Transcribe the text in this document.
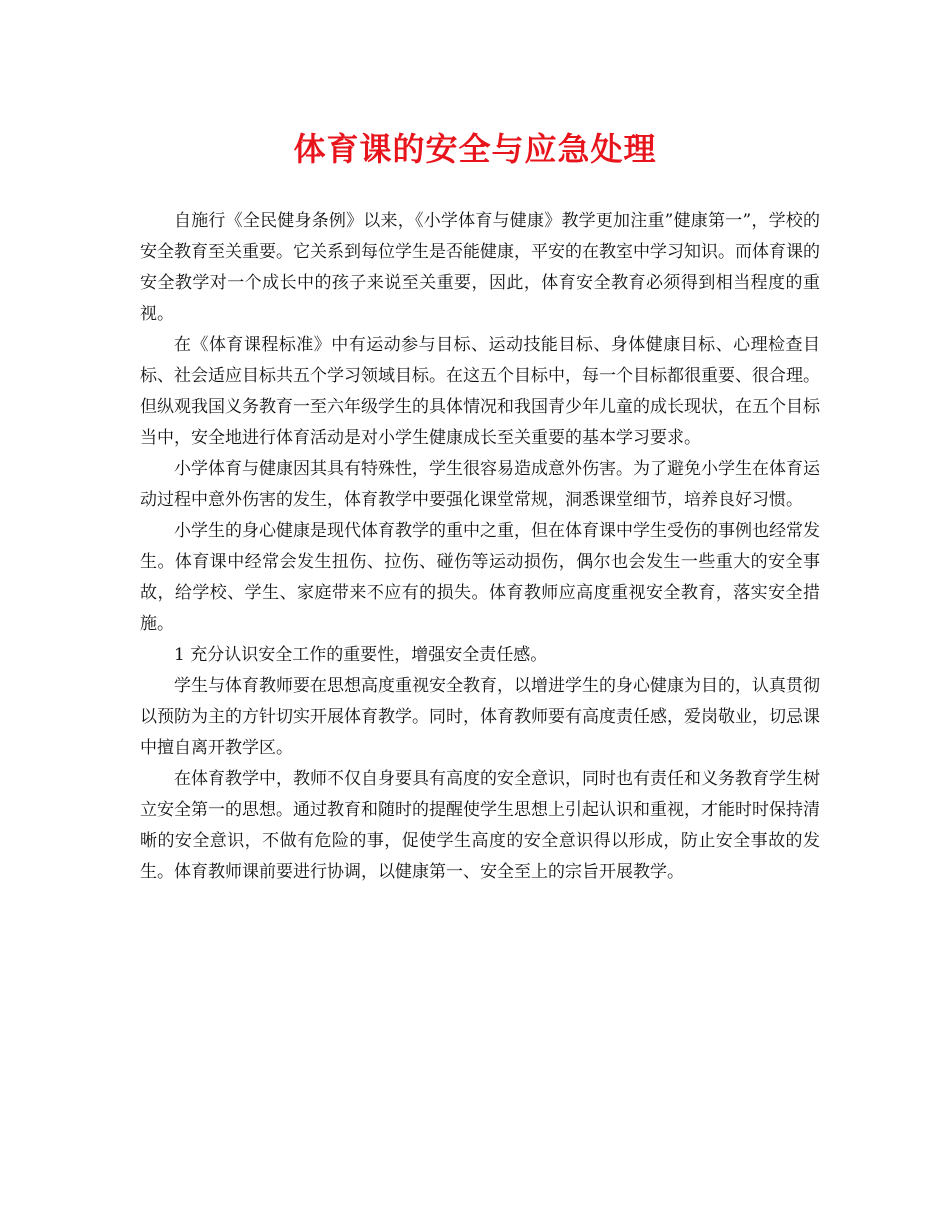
体育课的安全与应急处理

自施行《全民健身条例》以来，《小学体育与健康》教学更加注重”健康第一”，学校的安全教育至关重要。它关系到每位学生是否能健康，平安的在教室中学习知识。而体育课的安全教学对一个成长中的孩子来说至关重要，因此，体育安全教育必须得到相当程度的重视。

在《体育课程标准》中有运动参与目标、运动技能目标、身体健康目标、心理检查目标、社会适应目标共五个学习领域目标。在这五个目标中，每一个目标都很重要、很合理。但纵观我国义务教育一至六年级学生的具体情况和我国青少年儿童的成长现状，在五个目标当中，安全地进行体育活动是对小学生健康成长至关重要的基本学习要求。

小学体育与健康因其具有特殊性，学生很容易造成意外伤害。为了避免小学生在体育运动过程中意外伤害的发生，体育教学中要强化课堂常规，洞悉课堂细节，培养良好习惯。

小学生的身心健康是现代体育教学的重中之重，但在体育课中学生受伤的事例也经常发生。体育课中经常会发生扭伤、拉伤、碰伤等运动损伤，偶尔也会发生一些重大的安全事故，给学校、学生、家庭带来不应有的损失。体育教师应高度重视安全教育，落实安全措施。

1 充分认识安全工作的重要性，增强安全责任感。

学生与体育教师要在思想高度重视安全教育，以增进学生的身心健康为目的，认真贯彻以预防为主的方针切实开展体育教学。同时，体育教师要有高度责任感，爱岗敬业，切忌课中擅自离开教学区。

在体育教学中，教师不仅自身要具有高度的安全意识，同时也有责任和义务教育学生树立安全第一的思想。通过教育和随时的提醒使学生思想上引起认识和重视，才能时时保持清晰的安全意识，不做有危险的事，促使学生高度的安全意识得以形成，防止安全事故的发生。体育教师课前要进行协调，以健康第一、安全至上的宗旨开展教学。
